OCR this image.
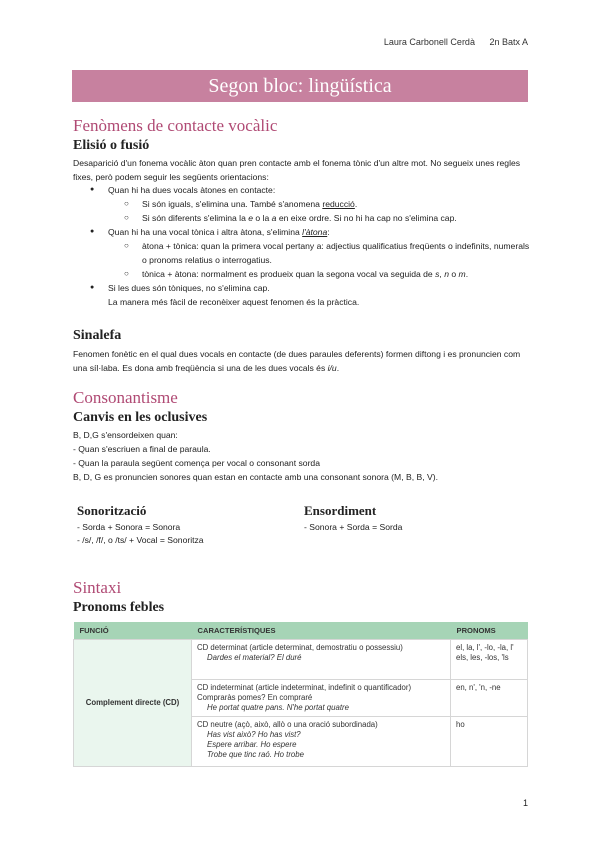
Laura Carbonell Cerdà 2n Batx A
Segon bloc: lingüística
Fenòmens de contacte vocàlic
Elisió o fusió
Desaparició d'un fonema vocàlic àton quan pren contacte amb el fonema tònic d'un altre mot. No segueix unes regles fixes, però podem seguir les següents orientacions:
● Quan hi ha dues vocals àtones en contacte:
○ Si són iguals, s'elimina una. També s'anomena reducció.
○ Si són diferents s'elimina la e o la a en eixe ordre. Si no hi ha cap no s'elimina cap.
● Quan hi ha una vocal tònica i altra àtona, s'elimina l'àtona:
○ àtona + tònica: quan la primera vocal pertany a: adjectius qualificatius freqüents o indefinits, numerals o pronoms relatius o interrogatius.
○ tònica + àtona: normalment es produeix quan la segona vocal va seguida de s, n o m.
● Si les dues són tòniques, no s'elimina cap.
La manera més fàcil de reconèixer aquest fenomen és la pràctica.
Sinalefa
Fenomen fonètic en el qual dues vocals en contacte (de dues paraules deferents) formen diftong i es pronuncien com una síl·laba. Es dona amb freqüència si una de les dues vocals és i/u.
Consonantisme
Canvis en les oclusives
B, D,G s'ensordeixen quan:
- Quan s'escriuen a final de paraula.
- Quan la paraula següent comença per vocal o consonant sorda
B, D, G es pronuncien sonores quan estan en contacte amb una consonant sonora (M, B, B, V).
Sonorització
- Sorda + Sonora = Sonora
- /s/, /f/, o /ts/ + Vocal = Sonoritza
Ensordiment
- Sonora + Sorda = Sorda
Sintaxi
Pronoms febles
FUNCIÓ	CARACTERÍSTIQUES	PRONOMS
Complement directe (CD)	CD determinat (article determinat, demostratiu o possessiu)
Dardes el material? El duré	el, la, l', -lo, -la, l' els, les, -los, 'ls
	CD indeterminat (article indeterminat, indefinit o quantificador)
Compraràs pomes? En compraré
He portat quatre pans. N'he portat quatre	en, n', 'n, -ne
	CD neutre (açò, això, allò o una oració subordinada)
Has vist això? Ho has vist?
Espere arribar. Ho espere
Trobe que tinc raó. Ho trobe	ho
1
